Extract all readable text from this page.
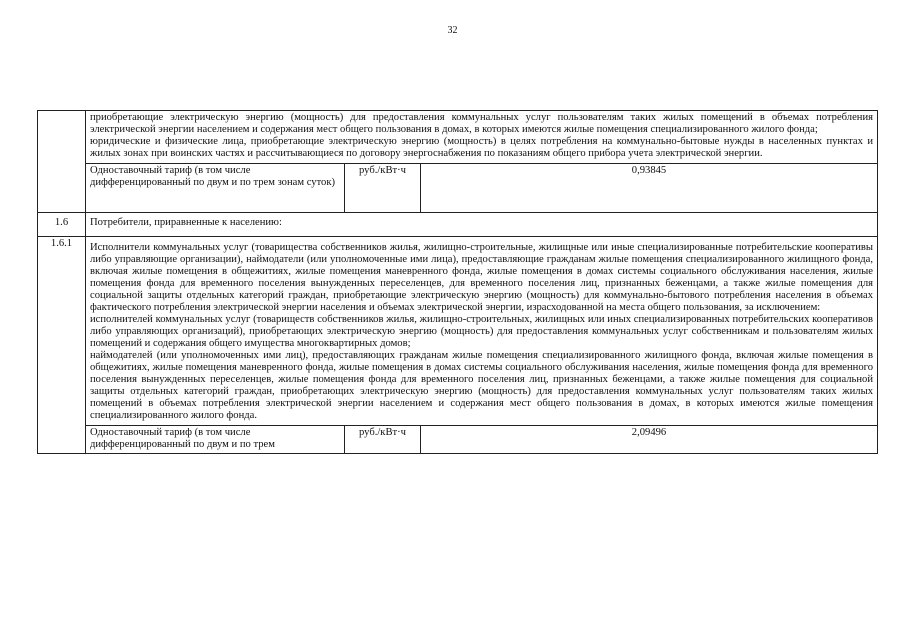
32

	приобретающие электрическую энергию (мощность) для предоставления коммунальных услуг пользователям таких жилых помещений в объемах потребления электрической энергии населением и содержания мест общего пользования в домах, в которых имеются жилые помещения специализированного жилого фонда;
юридические и физические лица, приобретающие электрическую энергию (мощность) в целях потребления на коммунально-бытовые нужды в населенных пунктах и жилых зонах при воинских частях и рассчитывающиеся по договору энергоснабжения по показаниям общего прибора учета электрической энергии.		

	Одноставочный тариф (в том числе дифференцированный по двум и по трем зонам суток)	руб./кВт·ч	0,93845
1.6	Потребители, приравненные к населению:		
1.6.1	Исполнители коммунальных услуг (товарищества собственников жилья, жилищно-строительные, жилищные или иные специализированные потребительские кооперативы либо управляющие организации), наймодатели (или уполномоченные ими лица), предоставляющие гражданам жилые помещения специализированного жилищного фонда, включая жилые помещения в общежитиях, жилые помещения маневренного фонда, жилые помещения в домах системы социального обслуживания населения, жилые помещения фонда для временного поселения вынужденных переселенцев, для временного поселения лиц, признанных беженцами, а также жилые помещения для социальной защиты отдельных категорий граждан, приобретающие электрическую энергию (мощность) для коммунально-бытового потребления населения в объемах фактического потребления электрической энергии населения и объемах электрической энергии, израсходованной на места общего пользования, за исключением:
исполнителей коммунальных услуг (товариществ собственников жилья, жилищно-строительных, жилищных или иных специализированных потребительских кооперативов либо управляющих организаций), приобретающих электрическую энергию (мощность) для предоставления коммунальных услуг собственникам и пользователям жилых помещений и содержания общего имущества многоквартирных домов;
наймодателей (или уполномоченных ими лиц), предоставляющих гражданам жилые помещения специализированного жилищного фонда, включая жилые помещения в общежитиях, жилые помещения маневренного фонда, жилые помещения в домах системы социального обслуживания населения, жилые помещения фонда для временного поселения вынужденных переселенцев, жилые помещения фонда для временного поселения лиц, признанных беженцами, а также жилые помещения для социальной защиты отдельных категорий граждан, приобретающих электрическую энергию (мощность) для предоставления коммунальных услуг пользователям таких жилых помещений в объемах потребления электрической энергии населением и содержания мест общего пользования в домах, в которых имеются жилые помещения специализированного жилого фонда.		

	Одноставочный тариф (в том числе дифференцированный по двум и по трем	руб./кВт·ч	2,09496
